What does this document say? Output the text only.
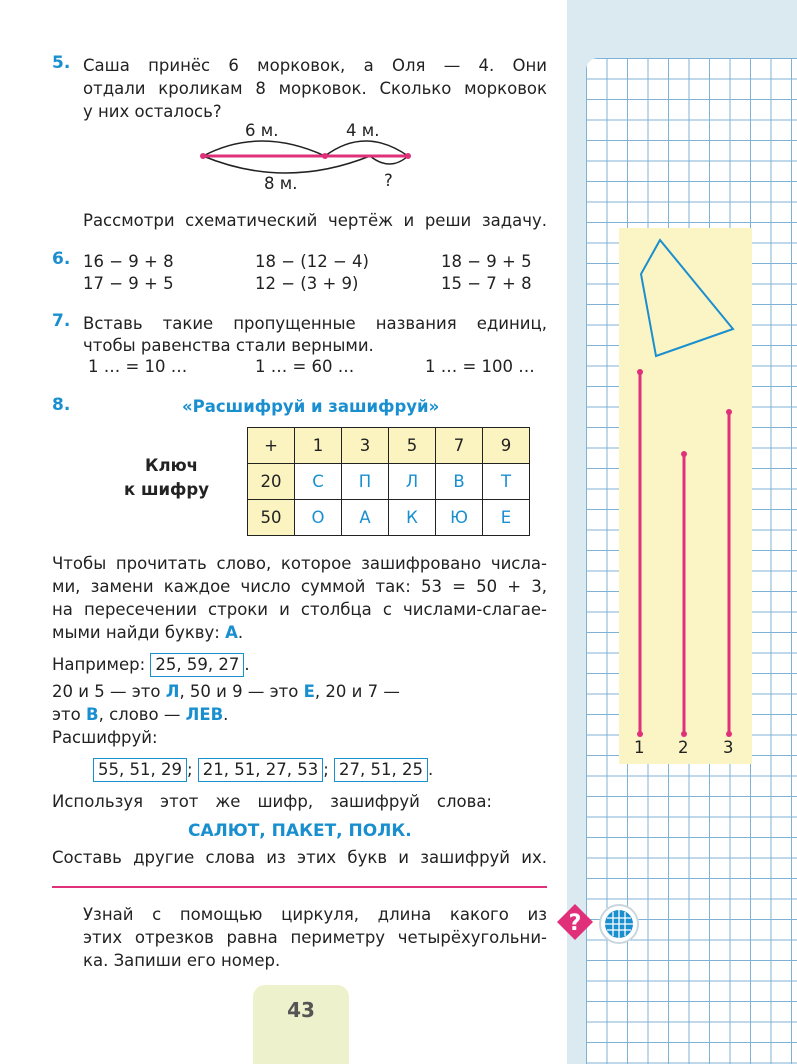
5. Саша принёс 6 морковок, а Оля — 4. Они
отдали кроликам 8 морковок. Сколько морковок
у них осталось?
6 м.	4 м.
8 м.	?
Рассмотри схематический чертёж и реши задачу.
6. 16 − 9 + 8	18 − (12 − 4)	18 − 9 + 5
17 − 9 + 5	12 − (3 + 9)	15 − 7 + 8
7. Вставь такие пропущенные названия единиц,
чтобы равенства стали верными.
1 … = 10 …	1 … = 60 …	1 … = 100 …
8.	«Расшифруй и зашифруй»
Ключ
к шифру
+	1	3	5	7	9
20	С	П	Л	В	Т
50	О	А	К	Ю	Е
Чтобы прочитать слово, которое зашифровано числа-
ми, замени каждое число суммой так: 53 = 50 + 3,
на пересечении строки и столбца с числами-слагае-
мыми найди букву: А.
Например: 25, 59, 27 .
20 и 5 — это Л, 50 и 9 — это Е, 20 и 7 —
это В, слово — ЛЕВ.
Расшифруй:
55, 51, 29 ; 21, 51, 27, 53 ; 27, 51, 25 .
Используя этот же шифр, зашифруй слова:
САЛЮТ, ПАКЕТ, ПОЛК.
Составь другие слова из этих букв и зашифруй их.
Узнай с помощью циркуля, длина какого из
этих отрезков равна периметру четырёхугольни-
ка. Запиши его номер.
?
1 2 3
43
